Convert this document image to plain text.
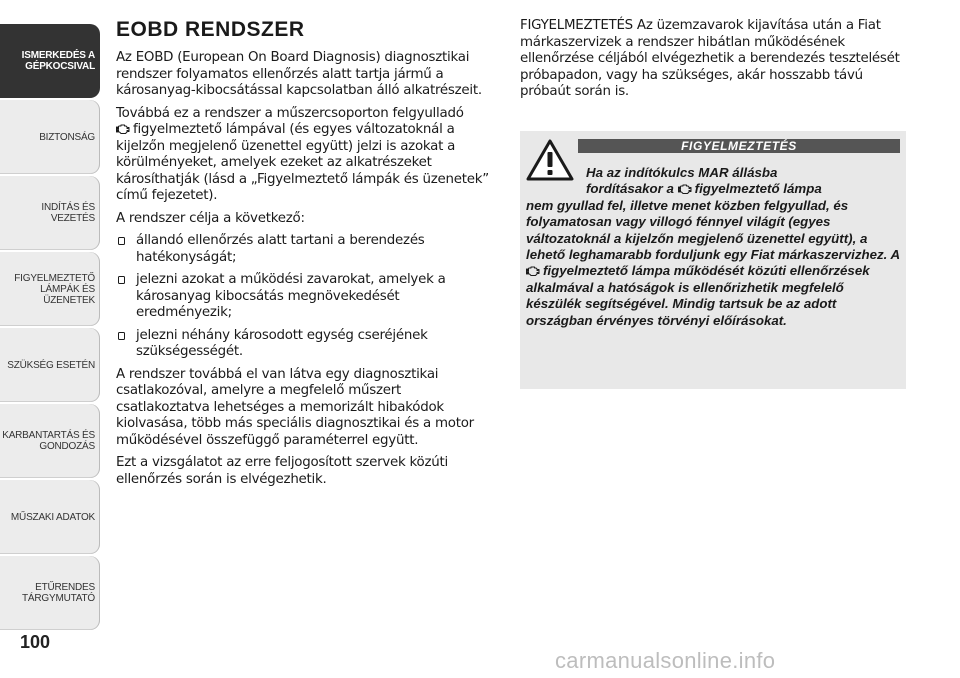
ISMERKEDÉS A
GÉPKOCSIVAL
BIZTONSÁG
INDÍTÁS ÉS VEZETÉS
FIGYELMEZTETŐ
LÁMPÁK ÉS
ÜZENETEK
SZÜKSÉG ESETÉN
KARBANTARTÁS ÉS
GONDOZÁS
MŰSZAKI ADATOK
ETŰRENDES
TÁRGYMUTATÓ
100
EOBD RENDSZER

Az EOBD (European On Board Diagnosis) diagnosztikai rendszer folyamatos ellenőrzés alatt tartja jármű a károsanyag-kibocsátással kapcsolatban álló alkatrészeit.

Továbbá ez a rendszer a műszercsoporton felgyulladó
figyelmeztető lámpával (és egyes változatoknál a kijelzőn megjelenő üzenettel együtt) jelzi is azokat a körülményeket, amelyek ezeket az alkatrészeket károsíthatják (lásd a „Figyelmeztető lámpák és üzenetek” című fejezetet).

A rendszer célja a következő:

állandó ellenőrzés alatt tartani a berendezés hatékonyságát;
jelezni azokat a működési zavarokat, amelyek a károsanyag kibocsátás megnövekedését eredményezik;
jelezni néhány károsodott egység cseréjének szükségességét.

A rendszer továbbá el van látva egy diagnosztikai csatlakozóval, amelyre a megfelelő műszert csatlakoztatva lehetséges a memorizált hibakódok kiolvasása, több más speciális diagnosztikai és a motor működésével összefüggő paraméterrel együtt.

Ezt a vizsgálatot az erre feljogosított szervek közúti ellenőrzés során is elvégezhetik.

FIGYELMEZTETÉS Az üzemzavarok kijavítása után a Fiat márkaszervizek a rendszer hibátlan működésének ellenőrzése céljából elvégezhetik a berendezés tesztelését próbapadon, vagy ha szükséges, akár hosszabb távú próbaút során is.

FIGYELMEZTETÉS
Ha az indítókulcs MAR állásba
fordításakor a figyelmeztető lámpa
nem gyullad fel, illetve menet közben felgyullad, és folyamatosan vagy villogó fénnyel világít (egyes változatoknál a kijelzőn megjelenő üzenettel együtt), a lehető leghamarabb forduljunk egy Fiat márkaszervizhez. A
figyelmeztető lámpa működését közúti ellenőrzések alkalmával a hatóságok is ellenőrizhetik megfelelő készülék segítségével. Mindig tartsuk be az adott országban érvényes törvényi előírásokat.
carmanualsonline.info
